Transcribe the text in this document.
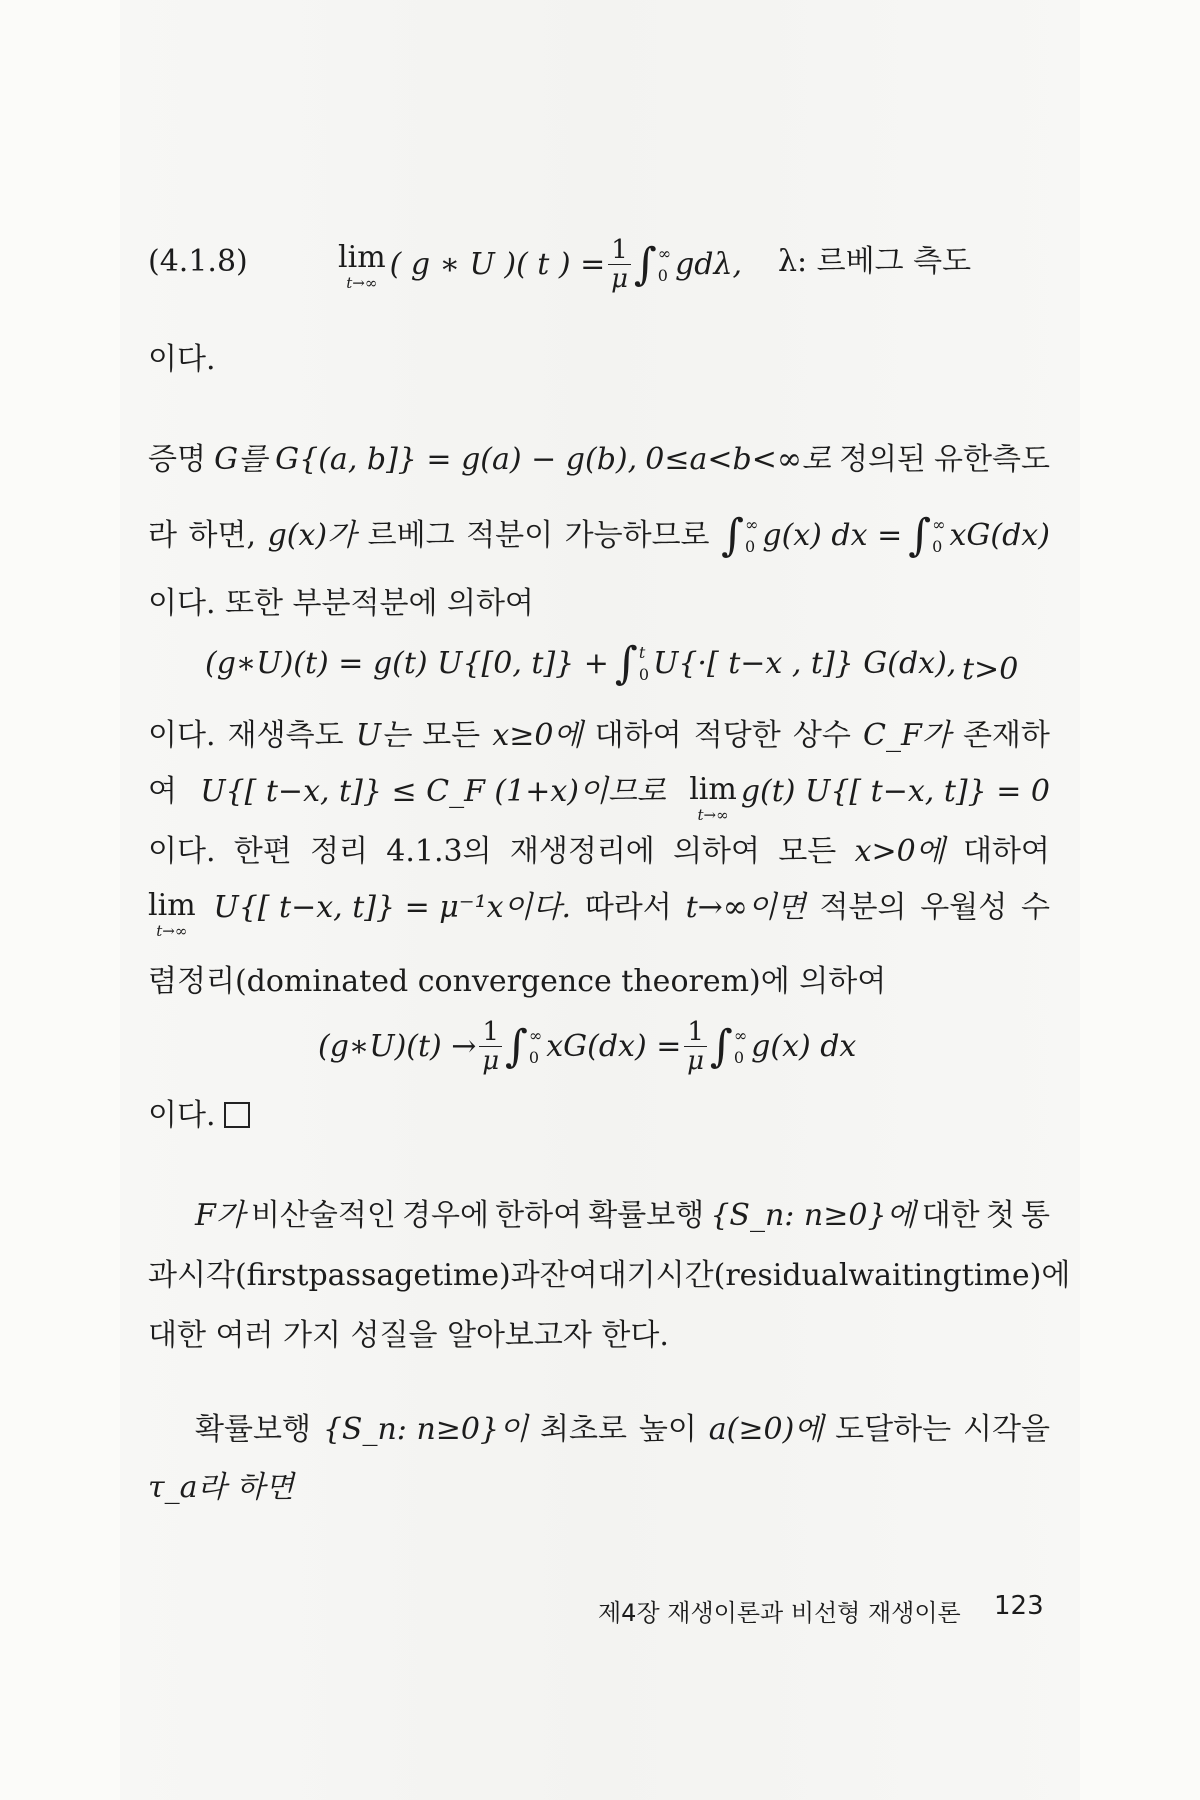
(4.1.8)	lim
t→∞
( g ∗ U )( t ) = $\frac{1}{\mu}$ ∫ ∞
0 gdλ, λ: 르베그 측도
이다.
증명 G를 G{(a, b]} = g(a) − g(b), 0≤a<b<∞로 정의된 유한측도
라 하면, g(x)가 르베그 적분이 가능하므로 ∫ ∞
0 g(x) dx = ∫ ∞
0 xG(dx)
이다. 또한 부분적분에 의하여
(g∗U)(t) = g(t) U{[0, t]} + ∫ t
0 U{·[ t−x , t]} G(dx), t>0
이다. 재생측도 U는 모든 x≥0에 대하여 적당한 상수 C_F가 존재하
여 U{[ t−x, t]} ≤ C_F (1+x)이므로 lim
t→∞
g(t) U{[ t−x, t]} = 0
이다. 한편 정리 4.1.3의 재생정리에 의하여 모든 x>0에 대하여
lim
t→∞
U{[ t−x, t]} = μ⁻¹x이다. 따라서 t→∞이면 적분의 우월성 수
렴정리(dominated convergence theorem)에 의하여
(g∗U)(t) → $\frac{1}{\mu}$ ∫ ∞
0 $xG(dx) = \frac{1}{\mu}$ ∫ ∞
0 g(x) dx
이다.
F가 비산술적인 경우에 한하여 확률보행 {S_n: n≥0}에 대한 첫 통
과시각(first passage time)과 잔여대기시간(residual waiting time)에
대한 여러 가지 성질을 알아보고자 한다.
확률보행 {S_n: n≥0}이 최초로 높이 a(≥0)에 도달하는 시각을
τ_a라 하면
제4장 재생이론과 비선형 재생이론 123
